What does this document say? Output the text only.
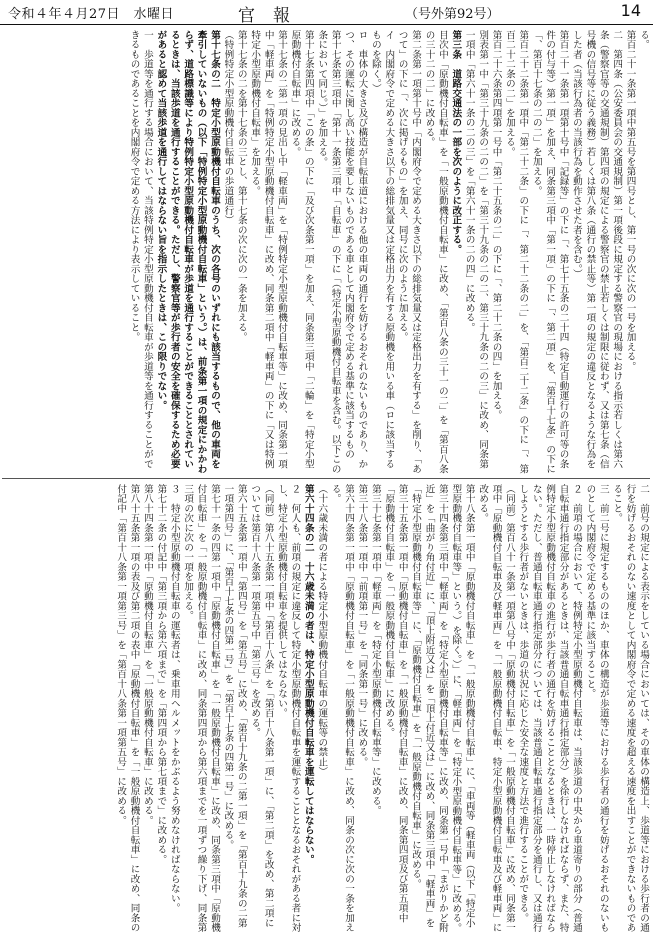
令和４年４月27日　水曜日	官報	（号外第92号）	14

る。

第百二十一条第一項中第五号を第四号とし、第一号の次に次の一号を加える。

二　第四条（公安委員会の交通規制）第一項後段に規定する警察官の現場における指示若しくは第六条（警察官等の交通規制）第四項の規定による警察官の禁止若しくは制限に従わず、又は第七条（信号機の信号等に従う義務）若しくは第八条（通行の禁止等）第一項の規定の違反となるような行為をした者（当該行為者の当該行為を動作させた者を含む。）

第百二十一条第一項第十号中「記録等」の下に「、第七十五条の二十四（特定自動運行の許可等の条件の付与等）第一項」を加え、同条第三項中「第一項」の下に「、第二項」を、「第百十七条」の下に「、第百十七条の二の二」を加える。

第百二十二条第一項中「第二十二条」の下に「、第二十二条の二」を、「第百二十二条」の下に「、第百二十二条の二」を加える。

第百二十六条第四項第一号中「第二十五条の二」の下に「、第二十二条の四」を加える。

別表第一中「第三十九条の二の二」を「第三十九条の二の二、第三十九条の二の三」に改め、同条第一項中「第六十一条の二の三」を「第六十一条の二の四」に改める。

第三条　道路交通法の一部を次のように改正する。

目次中「原動機付自転車」を「一般原動機付自転車」に改め、「第百八条の三十一の二」を「第百八条の三十二の二」に改める。

第二条第一項第十号中「内閣府令で定める大きさ以下の総排気量又は定格出力を有する」を削り、「あつて」の下に「、次に掲げるもの」を加え、同号に次のように加える。

イ　内閣府令で定める大きさ以下の総排気量又は定格出力を有する原動機を用いる車（ロに該当するものを除く。）

ロ　車体の大きさ及び構造が自転車道における他の車両の通行を妨げるおそれのないものであり、かつ、その運転に関し高い技能を要しないものである車として内閣府令で定める基準に該当するもの

第十七条第三項中「第十一条第三項中「自転車」の下に「（特定小型原動機付自転車を含む。以下この条において同じ。）」を加える。

第十七条第四項中「この条」の下に「及び次条第一項」を加え、同条第三項中「二輪」を「特定小型原動機付自転車」に改める。

第十七条の二第一項の見出し中「軽車両」を「特例特定小型原動機付自転車等」に改め、同条第一項中「軽車両」を「特例特定小型原動機付自転車」に改め、同条第二項中「軽車両」の下に「又は特例特定小型原動機付自転車」を加える。

第十七条の二を第十七条の三とし、第十七条の次に次の一条を加える。

（特例特定小型原動機付自転車の歩道通行）

第十七条の二　特定小型原動機付自転車のうち、次の各号のいずれにも該当するもので、他の車両を牽引していないもの（以下「特例特定小型原動機付自転車」という。）は、前条第一項の規定にかかわらず、道路標識等により特例特定小型原動機付自転車が歩道を通行することができることとされているときは、当該歩道を通行することができる。ただし、警察官等が歩行者の安全を確保するため必要があると認めて当該歩道を通行してはならない旨を指示したときは、この限りでない。

一　歩道等を通行する場合において、当該特例特定小型原動機付自転車が歩道等を通行することができるものであることを内閣府令で定める方法により表示していること。

二　前号の規定による表示をしている場合においては、その車体の構造上、歩道等における歩行者の通行を妨げるおそれのない速度として内閣府令で定める速度を超える速度を出すことができないものであること。

三　前二号に規定するもののほか、車体の構造が歩道等における歩行者の通行を妨げるおそれのないものとして内閣府令で定める基準に該当すること。

２　前項の場合において、特例特定小型原動機付自転車は、当該歩道の中央から車道寄りの部分（普通自転車通行指定部分があるときは、当該普通自転車通行指定部分）を徐行しなければならず、また、特例特定小型原動機付自転車の進行が歩行者の通行を妨げることとなるときは、一時停止しなければならない。ただし、普通自転車通行指定部分については、当該普通自転車通行指定部分を通行し、又は通行しようとする歩行者がないときは、歩道の状況に応じた安全な速度と方法で進行することができる。

（同前）第百八十一条第一項第八号中「原動機付自転車」を「一般原動機付自転車」に改め、同条第一項中「原動機付自転車及び軽車両」を「一般原動機付自転車、特定小型原動機付自転車及び軽車両」に改める。

第十八条第一項中「原動機付自転車」を「一般原動機付自転車」に、「車両等（軽車両（以下「特定小型原動機付自転車等」という。）を除く。）」に、「軽車両」を「特定小型原動機付自転車等」に改める。

第三十四条第三項中「軽車両」を「特定小型原動機付自転車等」に改め、同条第一号中「まがりかど附近」を「曲がり角付近」に、「頂上附近又は」を「頂上付近又は」に改め、同条第三項中「軽車両」を「特定小型原動機付自転車等」に、「原動機付自転車」を「一般原動機付自転車」に改める。

第三十五条第一項中「原動機付自転車」を「一般原動機付自転車」に改め、同条第四項及び第五項中「原動機付自転車」を「一般原動機付自転車」に改める。

第三十七条第一項中「軽車両」を「特定小型原動機付自転車等」に改める。

第三十八条第一項中「前項第一号」を「同条第一号」に改める。

第六十四条第一項中「原動機付自転車」を「一般原動機付自転車」に改め、同条の次に次の一条を加える。

（十六歳未満の者による特定小型原動機付自転車の運転等の禁止）

第六十四条の二　十六歳未満の者は、特定小型原動機付自転車を運転してはならない。

２　何人も、前項の規定に違反して特定小型原動機付自転車を運転することとなるおそれがある者に対し、特定小型原動機付自転車を提供してはならない。

（同前）第八十五条第一項中「第百十八条」を「第百十八条第一項」に、「第二項」を改め、第二項については第百十八条第一項第五号中「第三号」を改める。

第六十五条第一項中「第四号」を「第五号」に改め、「第百十九条の二第一項」を「第百十九条の二第一項第四号」に、「第百十七条の四第一号」を「第百十七条の四第一号」に改める。

第七十一条の四第一項中「原動機付自転車」を「一般原動機付自転車」に改め、同条第三項中「原動機付自転車」を「一般原動機付自転車」に改め、同条第四項から第六項までを一項ずつ繰り下げ、同条第三項の次に次の一項を加える。

３　特定小型原動機付自転車の運転者は、乗車用ヘルメットをかぶるよう努めなければならない。

第七十二条の付記中「第三項から第六項まで」を「第四項から第七項まで」に改める。

第八十四条第一項中「原動機付自転車」を「一般原動機付自転車」に改める。

第八十五条第一項の表及び第二項の表中「原動機付自転車」を「一般原動機付自転車」に改め、同条の付記中「第百十八条第一項第三号」を「第百十八条第一項第五号」に改める。
